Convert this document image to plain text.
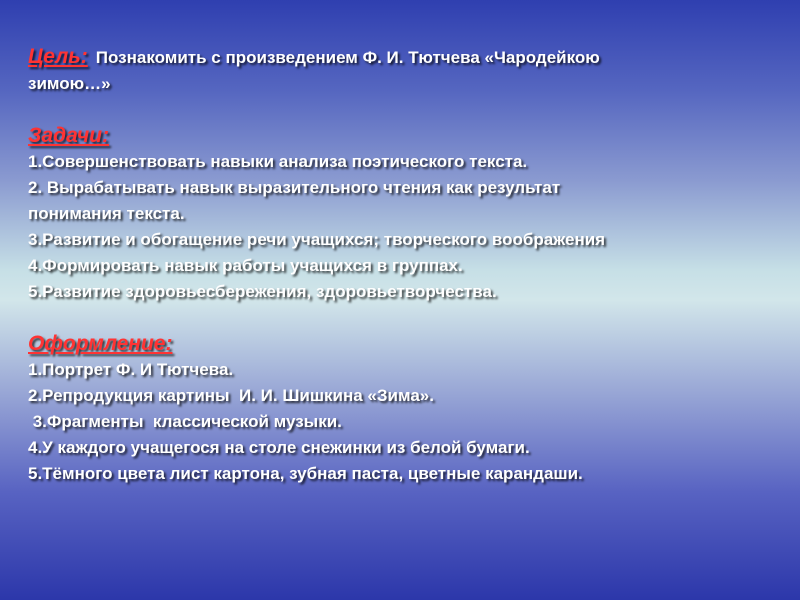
Цель: Познакомить с произведением Ф. И. Тютчева «Чародейкою

зимою…»

Задачи:

1.Совершенствовать навыки анализа поэтического текста.
2. Вырабатывать навык выразительного чтения как результат
понимания текста.
3.Развитие и обогащение речи учащихся; творческого воображения
4.Формировать навык работы учащихся в группах.
5.Развитие здоровьесбережения, здоровьетворчества.

Оформление:

1.Портрет Ф. И Тютчева.
2.Репродукция картины  И. И. Шишкина «Зима».
3.Фрагменты  классической музыки.
4.У каждого учащегося на столе снежинки из белой бумаги.
5.Тёмного цвета лист картона, зубная паста, цветные карандаши.
